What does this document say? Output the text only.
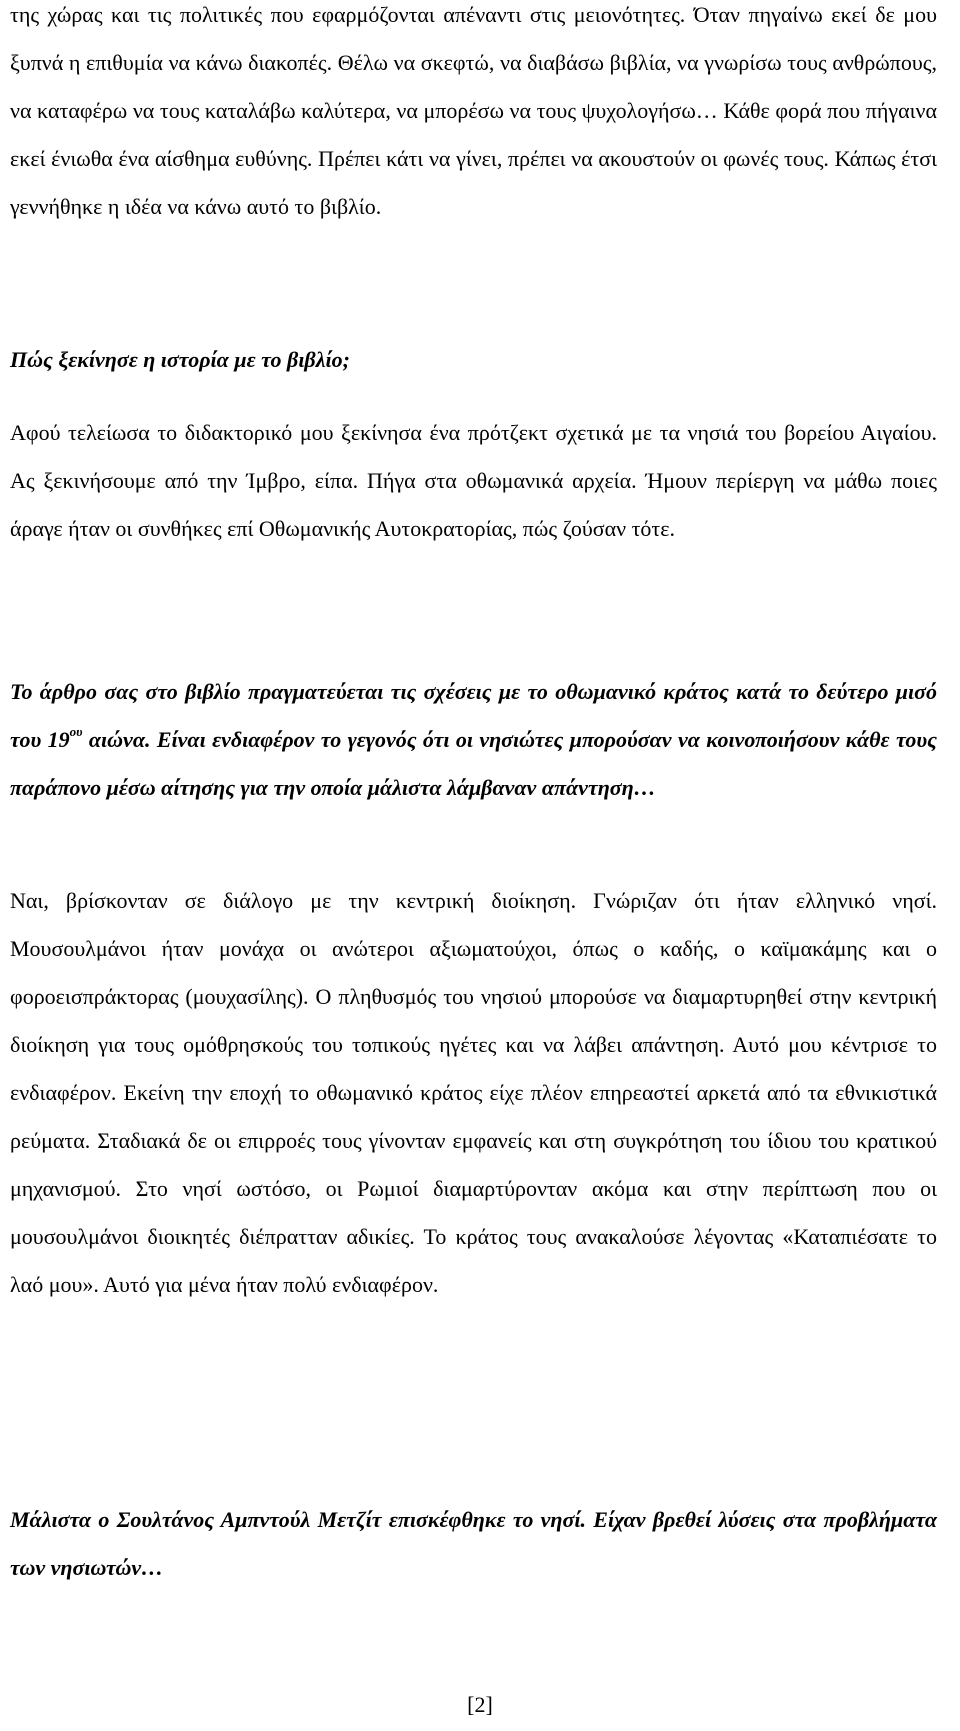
της χώρας και τις πολιτικές που εφαρμόζονται απέναντι στις μειονότητες. Όταν πηγαίνω εκεί δε μου ξυπνά η επιθυμία να κάνω διακοπές. Θέλω να σκεφτώ, να διαβάσω βιβλία, να γνωρίσω τους ανθρώπους, να καταφέρω να τους καταλάβω καλύτερα, να μπορέσω να τους ψυχολογήσω… Κάθε φορά που πήγαινα εκεί ένιωθα ένα αίσθημα ευθύνης. Πρέπει κάτι να γίνει, πρέπει να ακουστούν οι φωνές τους. Κάπως έτσι γεννήθηκε η ιδέα να κάνω αυτό το βιβλίο.

Πώς ξεκίνησε η ιστορία με το βιβλίο;

Αφού τελείωσα το διδακτορικό μου ξεκίνησα ένα πρότζεκτ σχετικά με τα νησιά του βορείου Αιγαίου. Ας ξεκινήσουμε από την Ίμβρο, είπα. Πήγα στα οθωμανικά αρχεία. Ήμουν περίεργη να μάθω ποιες άραγε ήταν οι συνθήκες επί Οθωμανικής Αυτοκρατορίας, πώς ζούσαν τότε.

Το άρθρο σας στο βιβλίο πραγματεύεται τις σχέσεις με το οθωμανικό κράτος κατά το δεύτερο μισό του $19^{o\upsilon}$ αιώνα. Είναι ενδιαφέρον το γεγονός ότι οι νησιώτες μπορούσαν να κοινοποιήσουν κάθε τους παράπονο μέσω αίτησης για την οποία μάλιστα λάμβαναν απάντηση…

Ναι, βρίσκονταν σε διάλογο με την κεντρική διοίκηση. Γνώριζαν ότι ήταν ελληνικό νησί. Μουσουλμάνοι ήταν μονάχα οι ανώτεροι αξιωματούχοι, όπως ο καδής, ο καϊμακάμης και ο φοροεισπράκτορας (μουχασίλης). Ο πληθυσμός του νησιού μπορούσε να διαμαρτυρηθεί στην κεντρική διοίκηση για τους ομόθρησκούς του τοπικούς ηγέτες και να λάβει απάντηση. Αυτό μου κέντρισε το ενδιαφέρον. Εκείνη την εποχή το οθωμανικό κράτος είχε πλέον επηρεαστεί αρκετά από τα εθνικιστικά ρεύματα. Σταδιακά δε οι επιρροές τους γίνονταν εμφανείς και στη συγκρότηση του ίδιου του κρατικού μηχανισμού. Στο νησί ωστόσο, οι Ρωμιοί διαμαρτύρονταν ακόμα και στην περίπτωση που οι μουσουλμάνοι διοικητές διέπρατταν αδικίες. Το κράτος τους ανακαλούσε λέγοντας «Καταπιέσατε το λαό μου». Αυτό για μένα ήταν πολύ ενδιαφέρον.

Μάλιστα ο Σουλτάνος Αμπντούλ Μετζίτ επισκέφθηκε το νησί. Είχαν βρεθεί λύσεις στα προβλήματα των νησιωτών…

[2]
